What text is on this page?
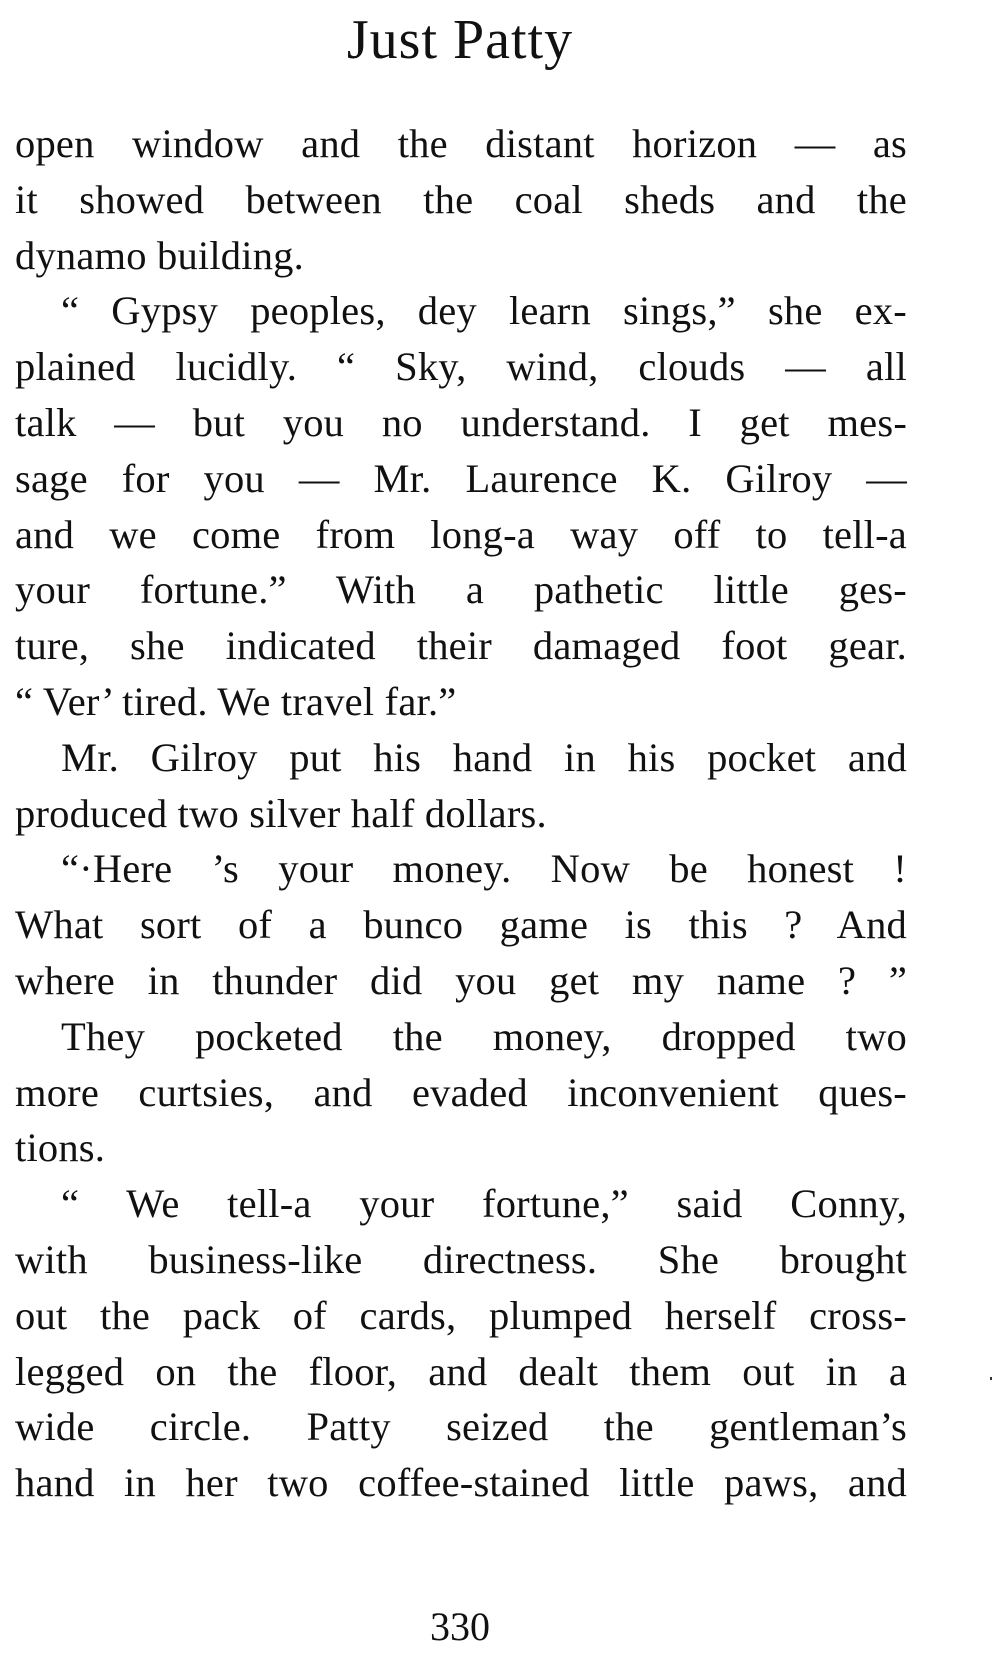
Just Patty
open window and the distant horizon — as
it showed between the coal sheds and the
dynamo building.
“ Gypsy peoples, dey learn sings,” she ex-
plained lucidly. “ Sky, wind, clouds — all
talk — but you no understand. I get mes-
sage for you — Mr. Laurence K. Gilroy —
and we come from long-a way off to tell-a
your fortune.” With a pathetic little ges-
ture, she indicated their damaged foot gear.
“ Ver’ tired. We travel far.”
Mr. Gilroy put his hand in his pocket and
produced two silver half dollars.
“·Here ’s your money. Now be honest !
What sort of a bunco game is this ? And
where in thunder did you get my name ? ”
They pocketed the money, dropped two
more curtsies, and evaded inconvenient ques-
tions.
“ We tell-a your fortune,” said Conny,
with business-like directness. She brought
out the pack of cards, plumped herself cross-
legged on the floor, and dealt them out in a
wide circle. Patty seized the gentleman’s
hand in her two coffee-stained little paws, and
330
